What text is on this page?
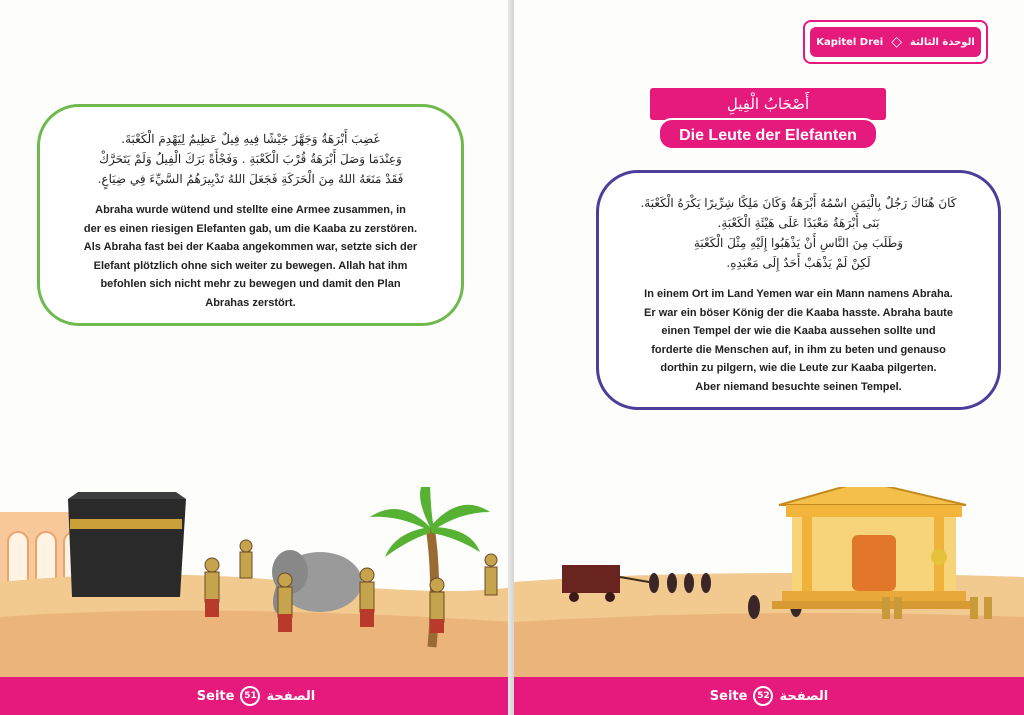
غَضِبَ أَبْرَهَةُ وَجَهَّزَ جَيْشًا فِيهِ فِيلٌ عَظِيمٌ لِيَهْدِمَ الْكَعْبَةَ.
وَعِنْدَمَا وَصَلَ أَبْرَهَةُ قُرْبَ الْكَعْبَةِ . وَفَجْأَةً بَرَكَ الْفِيلُ وَلَمْ يَتَحَرَّكْ
فَقَدْ مَنَعَهُ اللهُ مِنَ الْحَرَكَةِ فَجَعَلَ اللهُ تَدْبِيرَهُمُ السَّيِّءَ فِي ضِيَاعٍ.
Abraha wurde wütend und stellte eine Armee zusammen, in
der es einen riesigen Elefanten gab, um die Kaaba zu zerstören.
Als Abraha fast bei der Kaaba angekommen war, setzte sich der
Elefant plötzlich ohne sich weiter zu bewegen. Allah hat ihm
befohlen sich nicht mehr zu bewegen und damit den Plan
Abrahas zerstört.
Seite	51 الصفحة
Kapitel Drei ◇ الوحدة الثالثة
أَصْحَابُ الْفِيلِ
Die Leute der Elefanten
كَانَ هُنَاكَ رَجُلٌ بِالْيَمَنِ اسْمُهُ أَبْرَهَةُ وَكَانَ مَلِكًا شِرِّيرًا يَكْرَهُ الْكَعْبَةَ.
بَنَى أَبْرَهَةُ مَعْبَدًا عَلَى هَيْئَةِ الْكَعْبَةِ.
وَطَلَبَ مِنَ النَّاسِ أَنْ يَذْهَبُوا إِلَيْهِ مِثْلَ الْكَعْبَةِ
لَكِنْ لَمْ يَذْهَبْ أَحَدٌ إِلَى مَعْبَدِهِ.
In einem Ort im Land Yemen war ein Mann namens Abraha.
Er war ein böser König der die Kaaba hasste. Abraha baute
einen Tempel der wie die Kaaba aussehen sollte und
forderte die Menschen auf, in ihm zu beten und genauso
dorthin zu pilgern, wie die Leute zur Kaaba pilgerten.
Aber niemand besuchte seinen Tempel.
Seite	52 الصفحة
